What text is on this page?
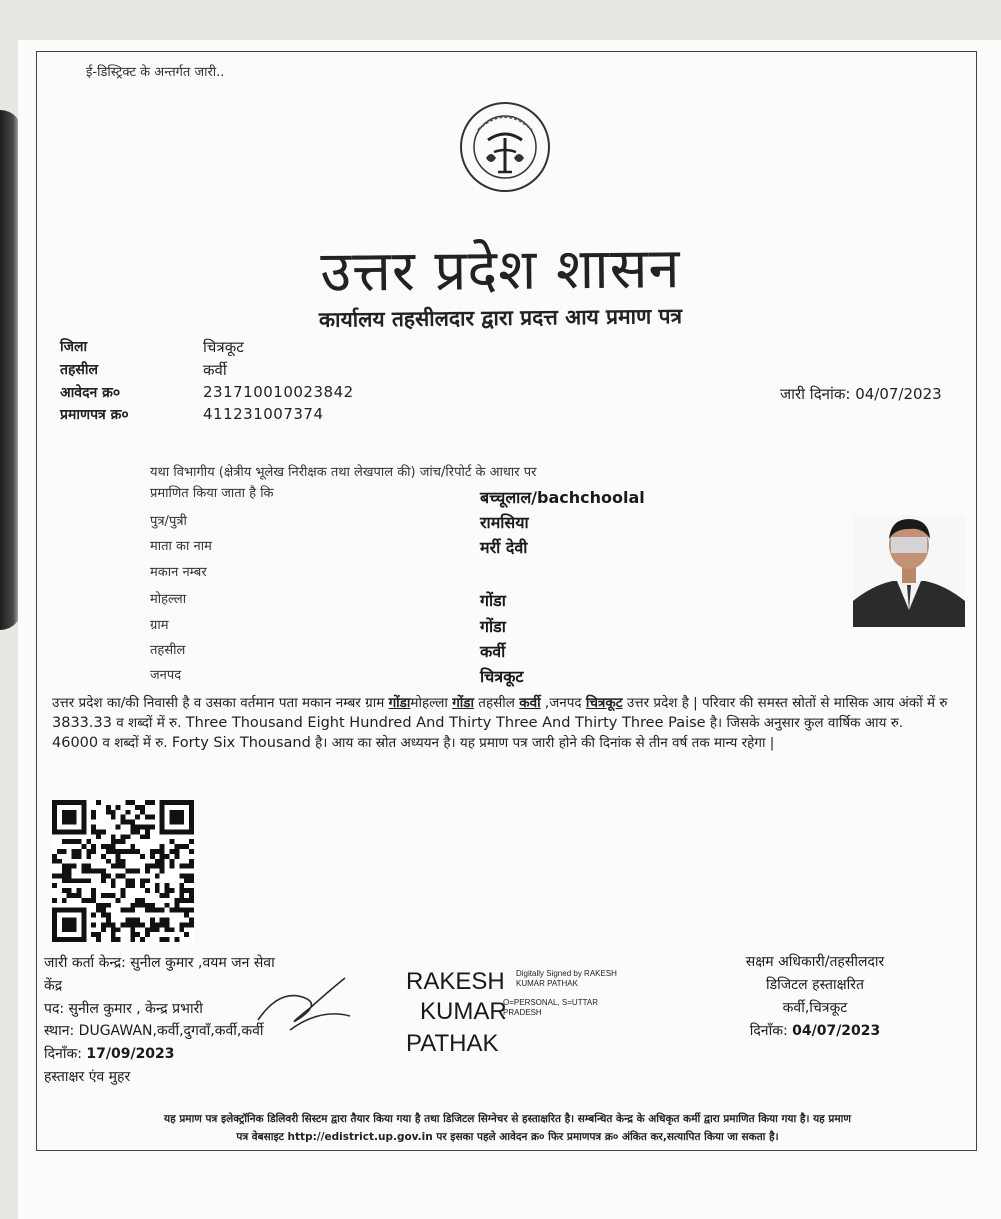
ई-डिस्ट्रिक्ट के अन्तर्गत जारी..
उत्तर प्रदेश शासन
कार्यालय तहसीलदार द्वारा प्रदत्त आय प्रमाण पत्र
जिला	चित्रकूट
तहसील	कर्वी
आवेदन क्र०	231710010023842
प्रमाणपत्र क्र०	411231007374
जारी दिनांक: 04/07/2023
यथा विभागीय (क्षेत्रीय भूलेख निरीक्षक तथा लेखपाल की) जांच/रिपोर्ट के आधार पर
प्रमाणित किया जाता है कि	बच्चूलाल/bachchoolal
पुत्र/पुत्री	रामसिया
माता का नाम	मर्री देवी
मकान नम्बर
मोहल्ला	गोंडा
ग्राम	गोंडा
तहसील	कर्वी
जनपद	चित्रकूट
उत्तर प्रदेश का/की निवासी है व उसका वर्तमान पता मकान नम्बर ग्राम गोंडामोहल्ला गोंडा तहसील कर्वी ,जनपद चित्रकूट उत्तर प्रदेश है | परिवार की समस्त स्रोतों से मासिक आय अंकों में रु 3833.33 व शब्दों में रु. Three Thousand Eight Hundred And Thirty Three And Thirty Three Paise है। जिसके अनुसार कुल वार्षिक आय रु. 46000 व शब्दों में रु. Forty Six Thousand है। आय का स्रोत अध्ययन है। यह प्रमाण पत्र जारी होने की दिनांक से तीन वर्ष तक मान्य रहेगा |
जारी कर्ता केन्द्र: सुनील कुमार ,वयम जन सेवा
केंद्र
पद: सुनील कुमार , केन्द्र प्रभारी
स्थान: DUGAWAN,कर्वी,दुगवाँ,कर्वी,कर्वी
दिनाँक: 17/09/2023
हस्ताक्षर एंव मुहर
RAKESH
KUMAR
PATHAK
Digitally Signed by RAKESH
KUMAR PATHAK
O=PERSONAL, S=UTTAR
PRADESH
सक्षम अधिकारी/तहसीलदार
डिजिटल हस्ताक्षरित
कर्वी,चित्रकूट
दिनाँक: 04/07/2023
यह प्रमाण पत्र इलेक्ट्रॉनिक डिलिवरी सिस्टम द्वारा तैयार किया गया है तथा डिजिटल सिग्नेचर से हस्ताक्षरित है। सम्बन्धित केन्द्र के अधिकृत कर्मी द्वारा प्रमाणित किया गया है। यह प्रमाण
पत्र वेबसाइट http://edistrict.up.gov.in पर इसका पहले आवेदन क्र० फिर प्रमाणपत्र क्र० अंकित कर,सत्यापित किया जा सकता है।
